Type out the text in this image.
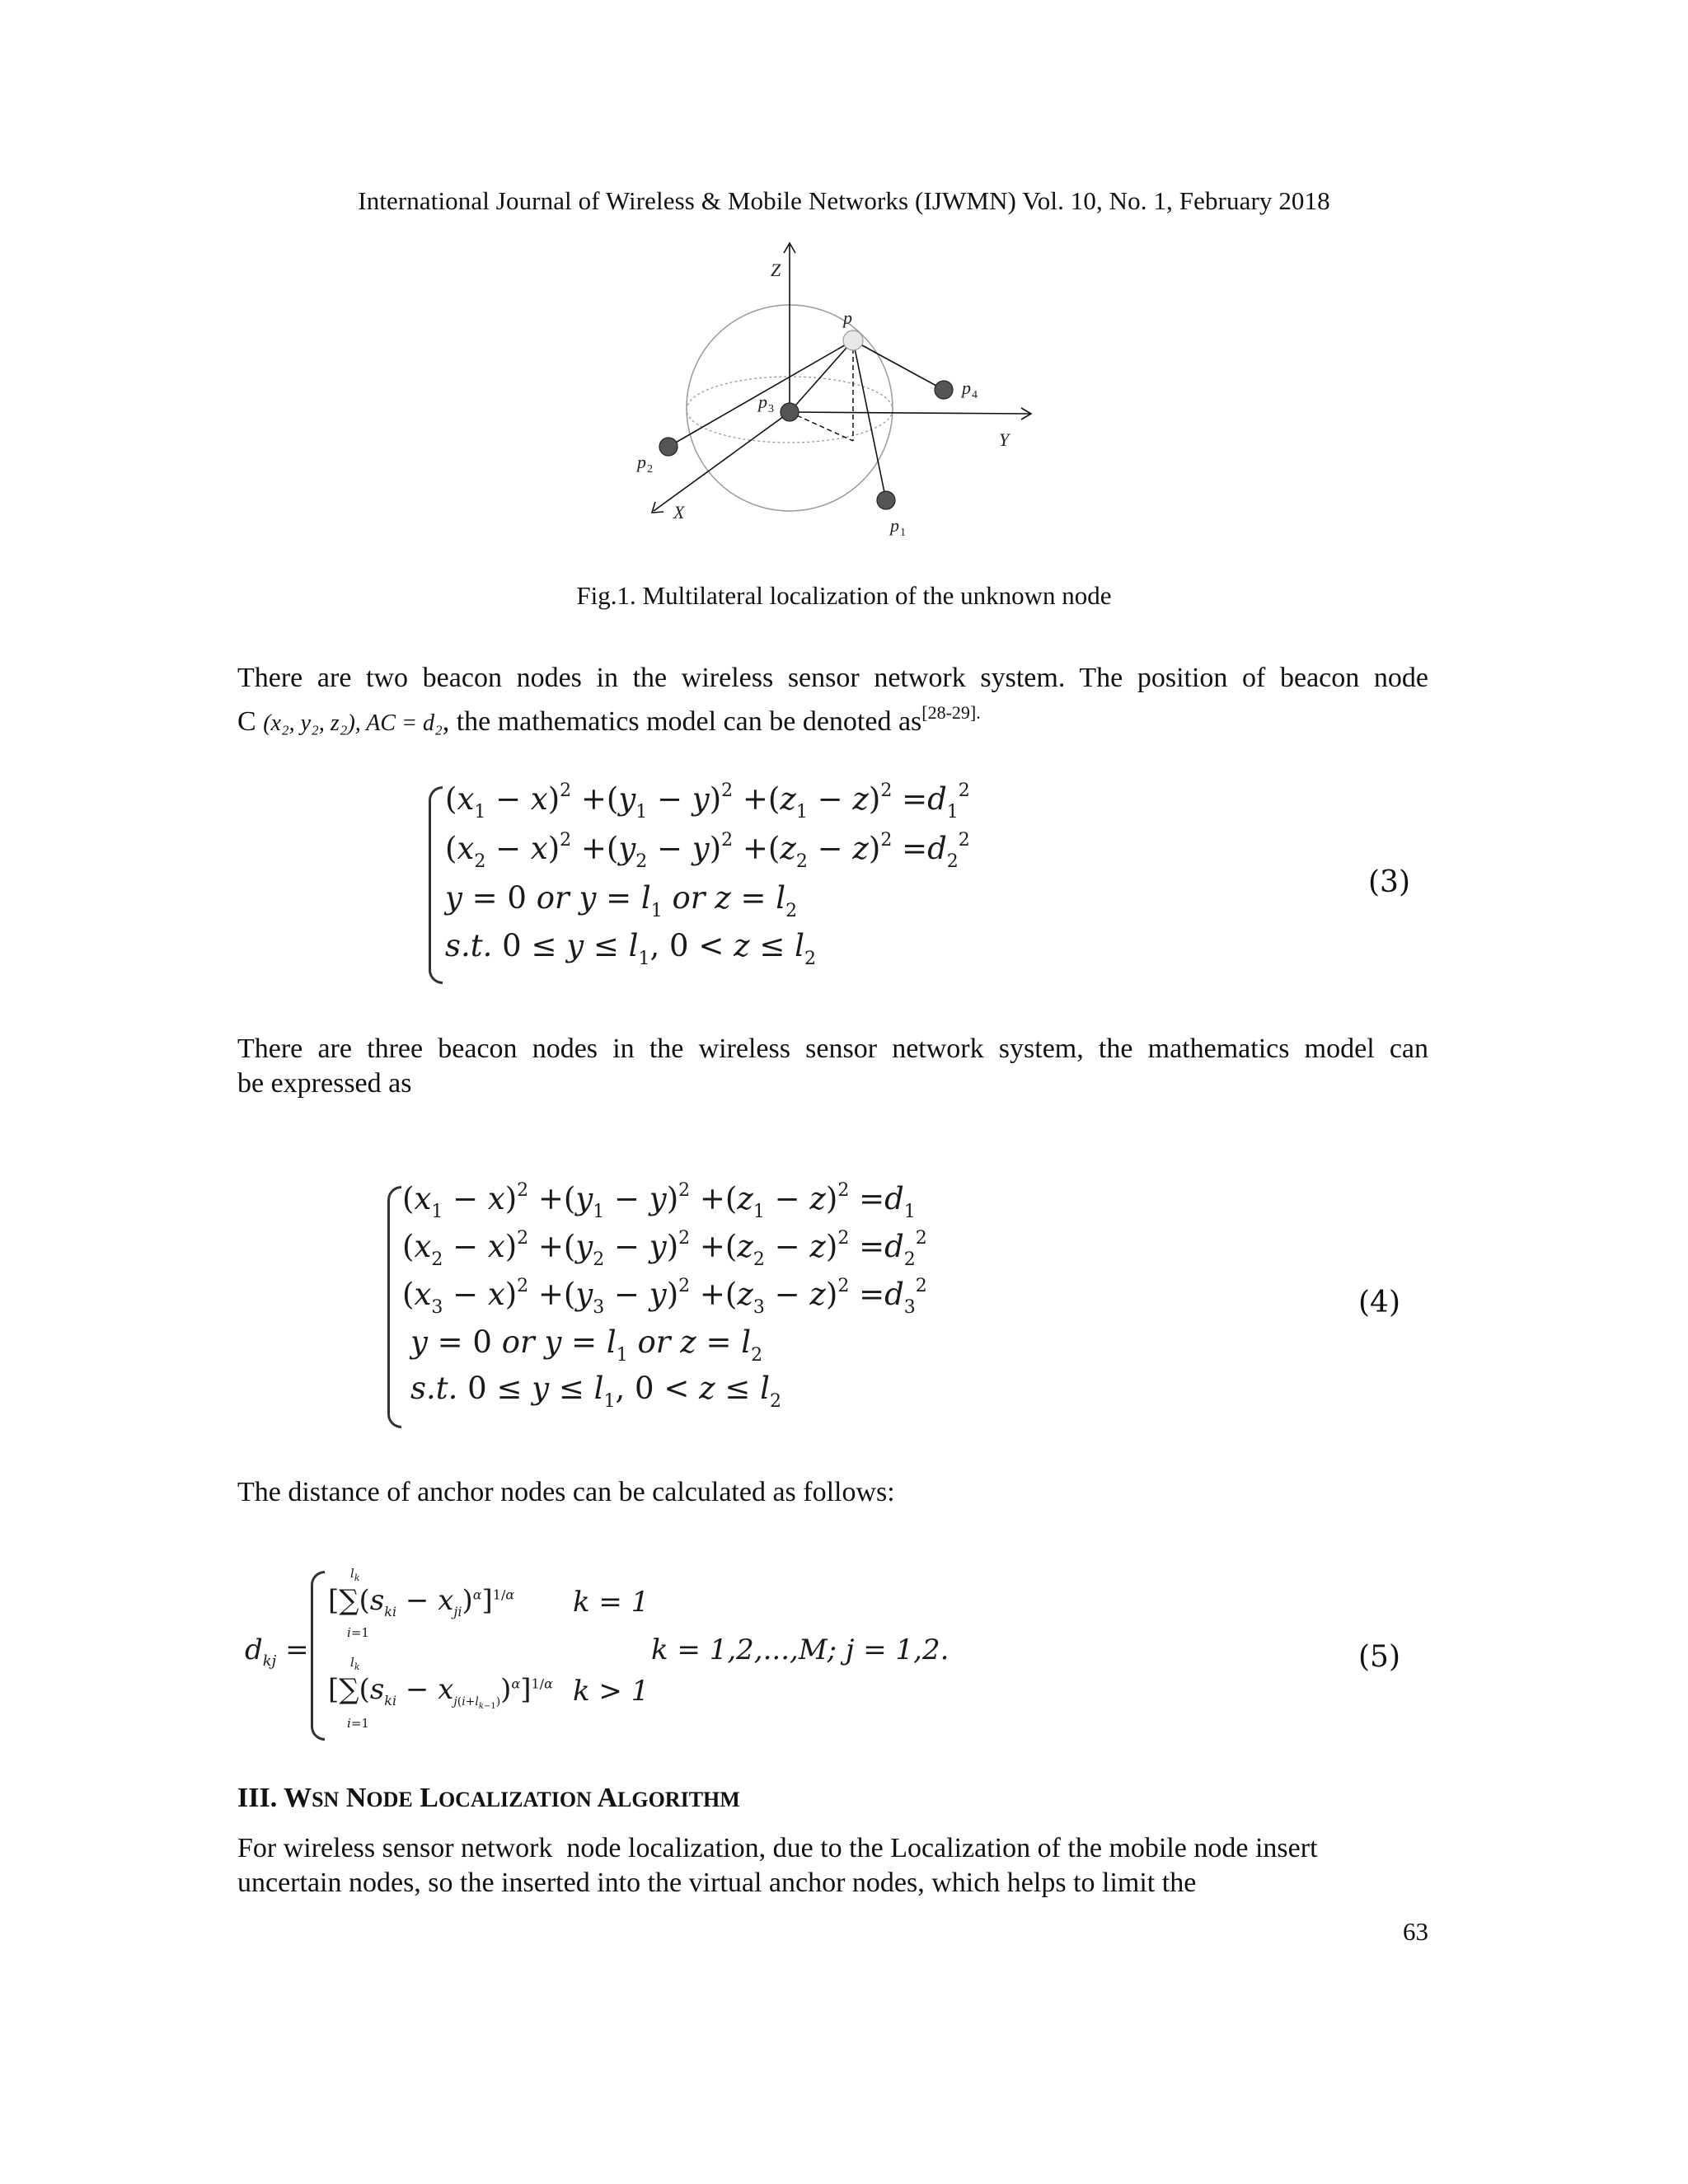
International Journal of Wireless & Mobile Networks (IJWMN) Vol. 10, No. 1, February 2018
Z
Y
X
p
p 1
p 2
p 3
p 4
Fig.1. Multilateral localization of the unknown node
There are two beacon nodes in the wireless sensor network system. The position of beacon node
C (x₂, y₂, z₂), AC = d₂, the mathematics model can be denoted $as^{[28-29].}$
$(x_1 - x)^2 +(y_1 - y)^2 +(z_1 - z)^2 =d_1^2$
$(x_2 - x)^2 +(y_2 - y)^2 +(z_2 - z)^2 =d_2^2$
y = 0 or $y = l_1$ or $z = l_2$
s.t. $0 \le y \le l_1$, $0 < z \le l_2$
(3)
There are three beacon nodes in the wireless sensor network system, the mathematics model can
be expressed as
$(x_1 - x)^2 +(y_1 - y)^2 +(z_1 - z)^2 =d_1$
$(x_2 - x)^2 +(y_2 - y)^2 +(z_2 - z)^2 =d_2^2$
$(x_3 - x)^2 +(y_3 - y)^2 +(z_3 - z)^2 =d_3^2$
y = 0 or $y = l_1$ or $z = l_2$
s.t. $0 \le y \le l_1$, $0 < z \le l_2$
(4)
The distance of anchor nodes can be calculated as follows:
$d_{kj}$ =
$l_k$
$[\sum(s_{ki} - x_{ji})^\alpha]^{1/\alpha}$
i=1
k = 1
$l_k$
$[\sum(s_{ki} - x_{j(i+l_{k-1})})^\alpha]^{1/\alpha}$
i=1
k > 1
k = 1,2,...,M; j = 1,2.	(5)
III. WSN NODE LOCALIZATION ALGORITHM
For wireless sensor network  node localization, due to the Localization of the mobile node insert
uncertain nodes, so the inserted into the virtual anchor nodes, which helps to limit the
63
